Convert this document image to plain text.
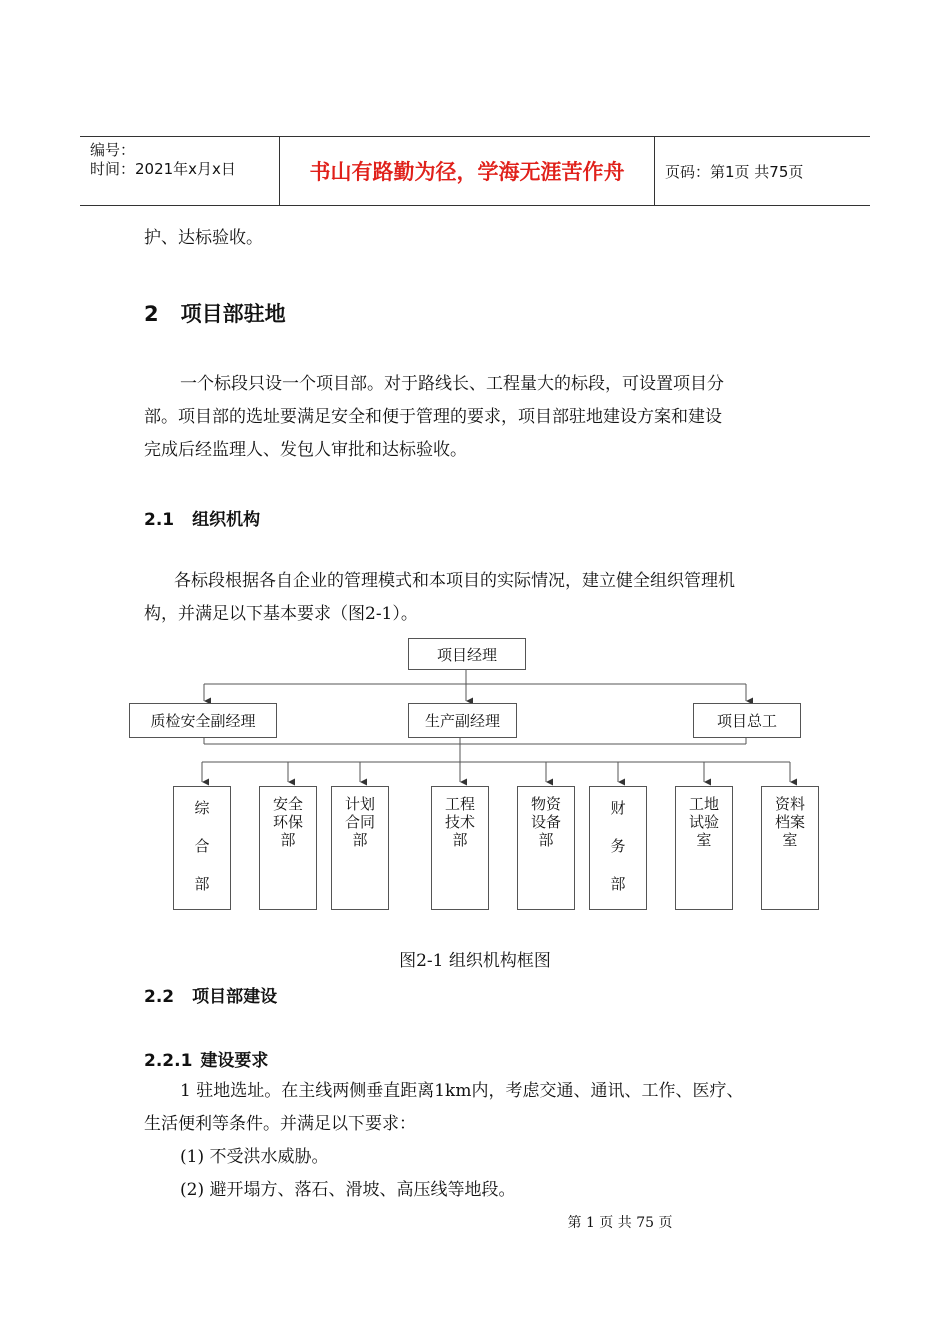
编号：
时间：2021年x月x日	书山有路勤为径，学海无涯苦作舟	页码：第1页 共75页

护、达标验收。

2 项目部驻地

一个标段只设一个项目部。对于路线长、工程量大的标段，可设置项目分

部。项目部的选址要满足安全和便于管理的要求，项目部驻地建设方案和建设

完成后经监理人、发包人审批和达标验收。

2.1 组织机构

各标段根据各自企业的管理模式和本项目的实际情况，建立健全组织管理机

构，并满足以下基本要求（图2-1）。

项目经理
质检安全副经理	生产副经理	项目总工
综
合
部
安全
环保
部
计划
合同
部
工程
技术
部
物资
设备
部
财
务
部
工地
试验
室
资料
档案
室

图2-1 组织机构框图

2.2 项目部建设
2.2.1 建设要求

1 驻地选址。在主线两侧垂直距离1km内，考虑交通、通讯、工作、医疗、

生活便利等条件。并满足以下要求：

(1) 不受洪水威胁。

(2) 避开塌方、落石、滑坡、高压线等地段。

第 1 页 共 75 页
